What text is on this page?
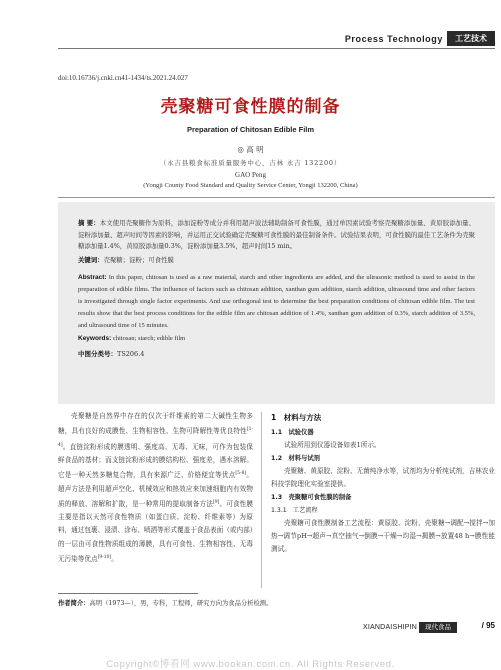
Process Technology	工艺技术
doi:10.16736/j.cnki.cn41-1434/ts.2021.24.027
壳聚糖可食性膜的制备
Preparation of Chitosan Edible Film
◎ 高 明
（永吉县粮食标准质量服务中心，吉林 永吉 132200）
GAO Peng
(Yongji County Food Standard and Quality Service Center, Yongji 132200, China)
摘 要：本文使用壳聚糖作为原料，添加淀粉等成分并利用超声波法辅助制备可食性膜，通过单因素试验考察壳聚糖添加量、黄原胶添加量、淀粉添加量、超声时间等因素的影响，并运用正交试验确定壳聚糖可食性膜的最佳制备条件。试验结果表明，可食性膜的最佳工艺条件为壳聚糖添加量1.4%，黄原胶添加量0.3%，淀粉添加量3.5%，超声时间15 min。
关键词：壳聚糖；淀粉；可食性膜
Abstract: In this paper, chitosan is used as a raw material, starch and other ingredients are added, and the ultrasonic method is used to assist in the preparation of edible films. The influence of factors such as chitosan addition, xanthan gum addition, starch addition, ultrasound time and other factors is investigated through single factor experiments. And use orthogonal test to determine the best preparation conditions of chitosan edible film. The test results show that the best process conditions for the edible film are chitosan addition of 1.4%, xanthan gum addition of 0.3%, starch addition of 3.5%, and ultrasound time of 15 minutes.
Keywords: chitosan; starch; edible film
中图分类号：TS206.4
壳聚糖是自然界中存在的仅次于纤维素的第二大碱性生物多糖，具有良好的成膜性、生物相容性、生物可降解性等优良特性[1-4]。直链淀粉形成的膜透明、强度高、无毒、无味，可作为包装保鲜食品的基材；而支链淀粉形成的膜结构松、强度差，遇水溶解。它是一种天然多糖复合物，具有来源广泛、价格便宜等优点[5-8]。超声方法是利用超声空化、机械效应和热效应来加速细胞内有效物质的释放、溶解和扩散，是一种常用的提取制备方法[9]。可食性膜主要是指以天然可食性物质（如蛋白质、淀粉、纤维素等）为原料，通过包裹、浸渍、涂布、喷洒等形式覆盖于食品表面（或内部）的一层由可食性物质组成的薄膜，具有可食性、生物相容性、无毒无污染等优点[9-10]。
1　材料与方法
1.1　试验仪器
试验所用到仪器设备如表1所示。
1.2　材料与试剂
壳聚糖、黄原胶、淀粉、无菌纯净水等，试剂均为分析纯试剂，吉林农业科技学院理化实验室提供。
1.3　壳聚糖可食性膜的制备
1.3.1　工艺流程
壳聚糖可食性膜制备工艺流程：黄原胶、淀粉、壳聚糖→调配→搅拌→加热→调节pH→超声→真空抽气→倒膜→干燥→均湿→揭膜→放置48 h→膜性能测试。
作者简介：高明（1973—），男，专科，工程师，研究方向为食品分析检测。
XIANDAISHIPIN	现代食品	/ 95
Copyright©博看网 www.bookan.com.cn. All Rights Reserved.
